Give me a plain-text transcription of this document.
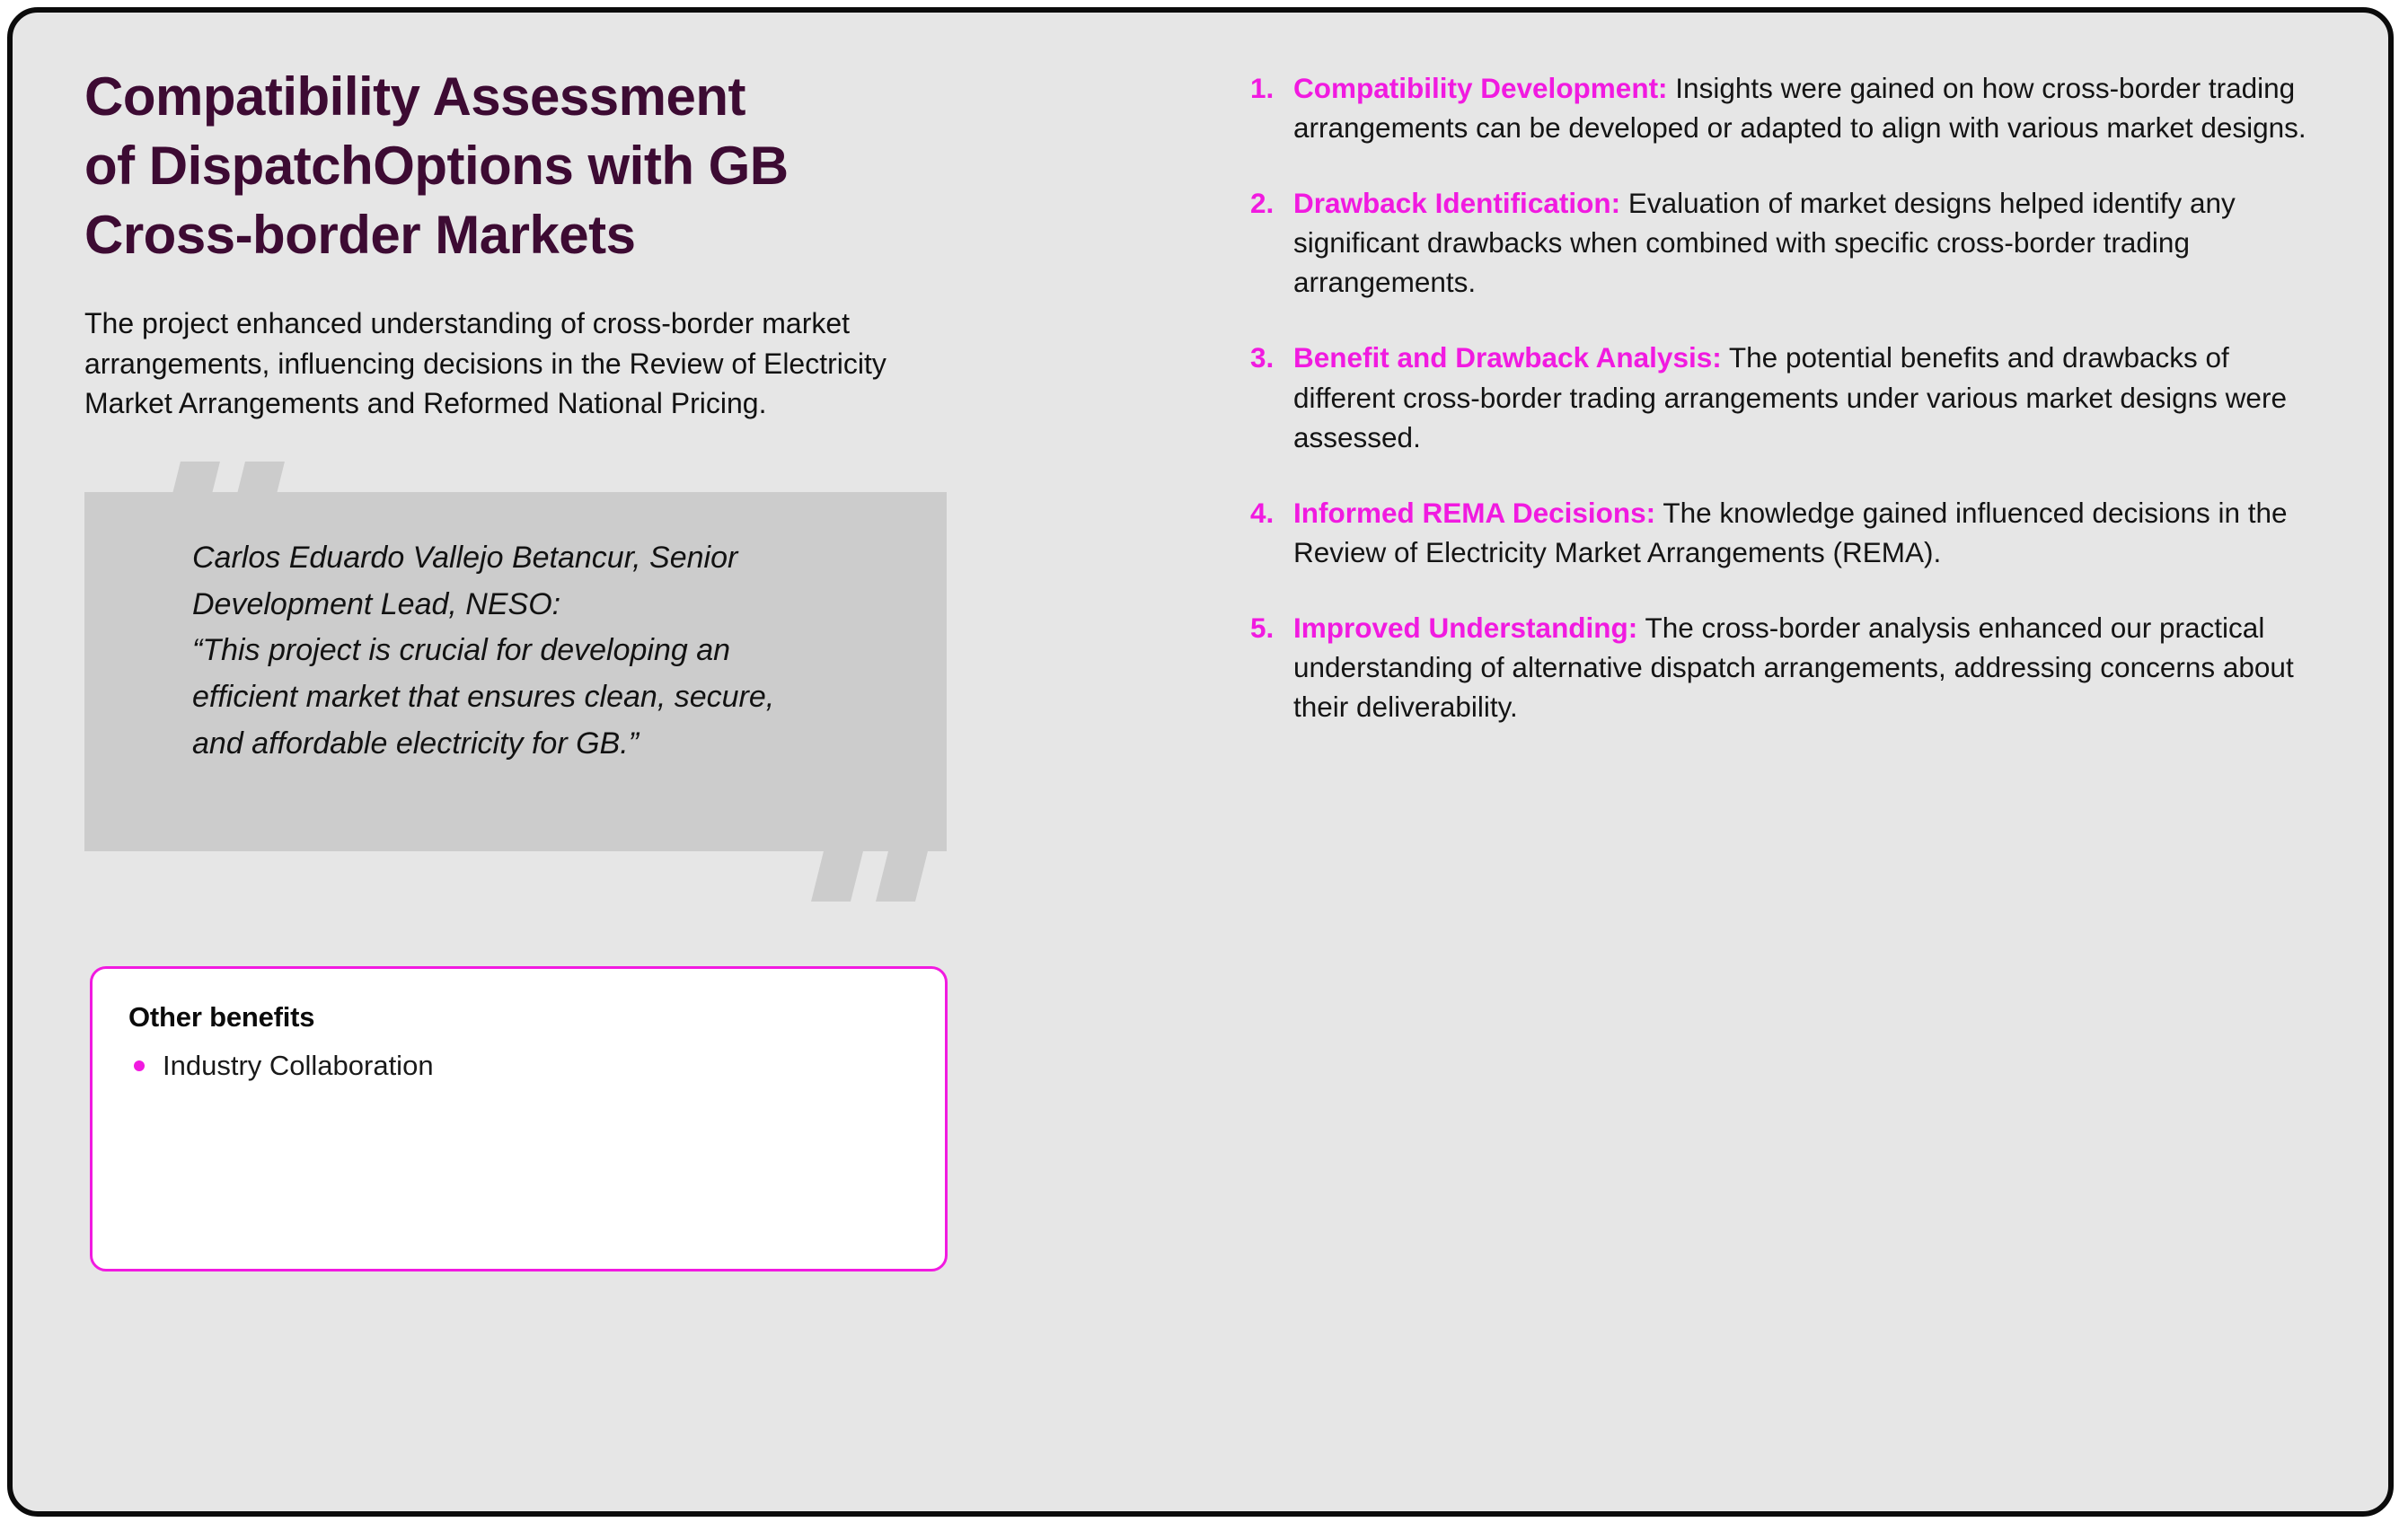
Compatibility Assessment
of DispatchOptions with GB
Cross-border Markets

The project enhanced understanding of cross-border market
arrangements, influencing decisions in the Review of Electricity
Market Arrangements and Reformed National Pricing.

Carlos Eduardo Vallejo Betancur, Senior
Development Lead, NESO:
“This project is crucial for developing an
efficient market that ensures clean, secure,
and affordable electricity for GB.”
Other benefits
Industry Collaboration
1. Compatibility Development: Insights were gained on how cross-border trading arrangements can be developed or adapted to align with various market designs.
2. Drawback Identification: Evaluation of market designs helped identify any significant drawbacks when combined with specific cross-border trading arrangements.
3. Benefit and Drawback Analysis: The potential benefits and drawbacks of different cross-border trading arrangements under various market designs were assessed.
4. Informed REMA Decisions: The knowledge gained influenced decisions in the Review of Electricity Market Arrangements (REMA).
5. Improved Understanding: The cross-border analysis enhanced our practical understanding of alternative dispatch arrangements, addressing concerns about their deliverability.
